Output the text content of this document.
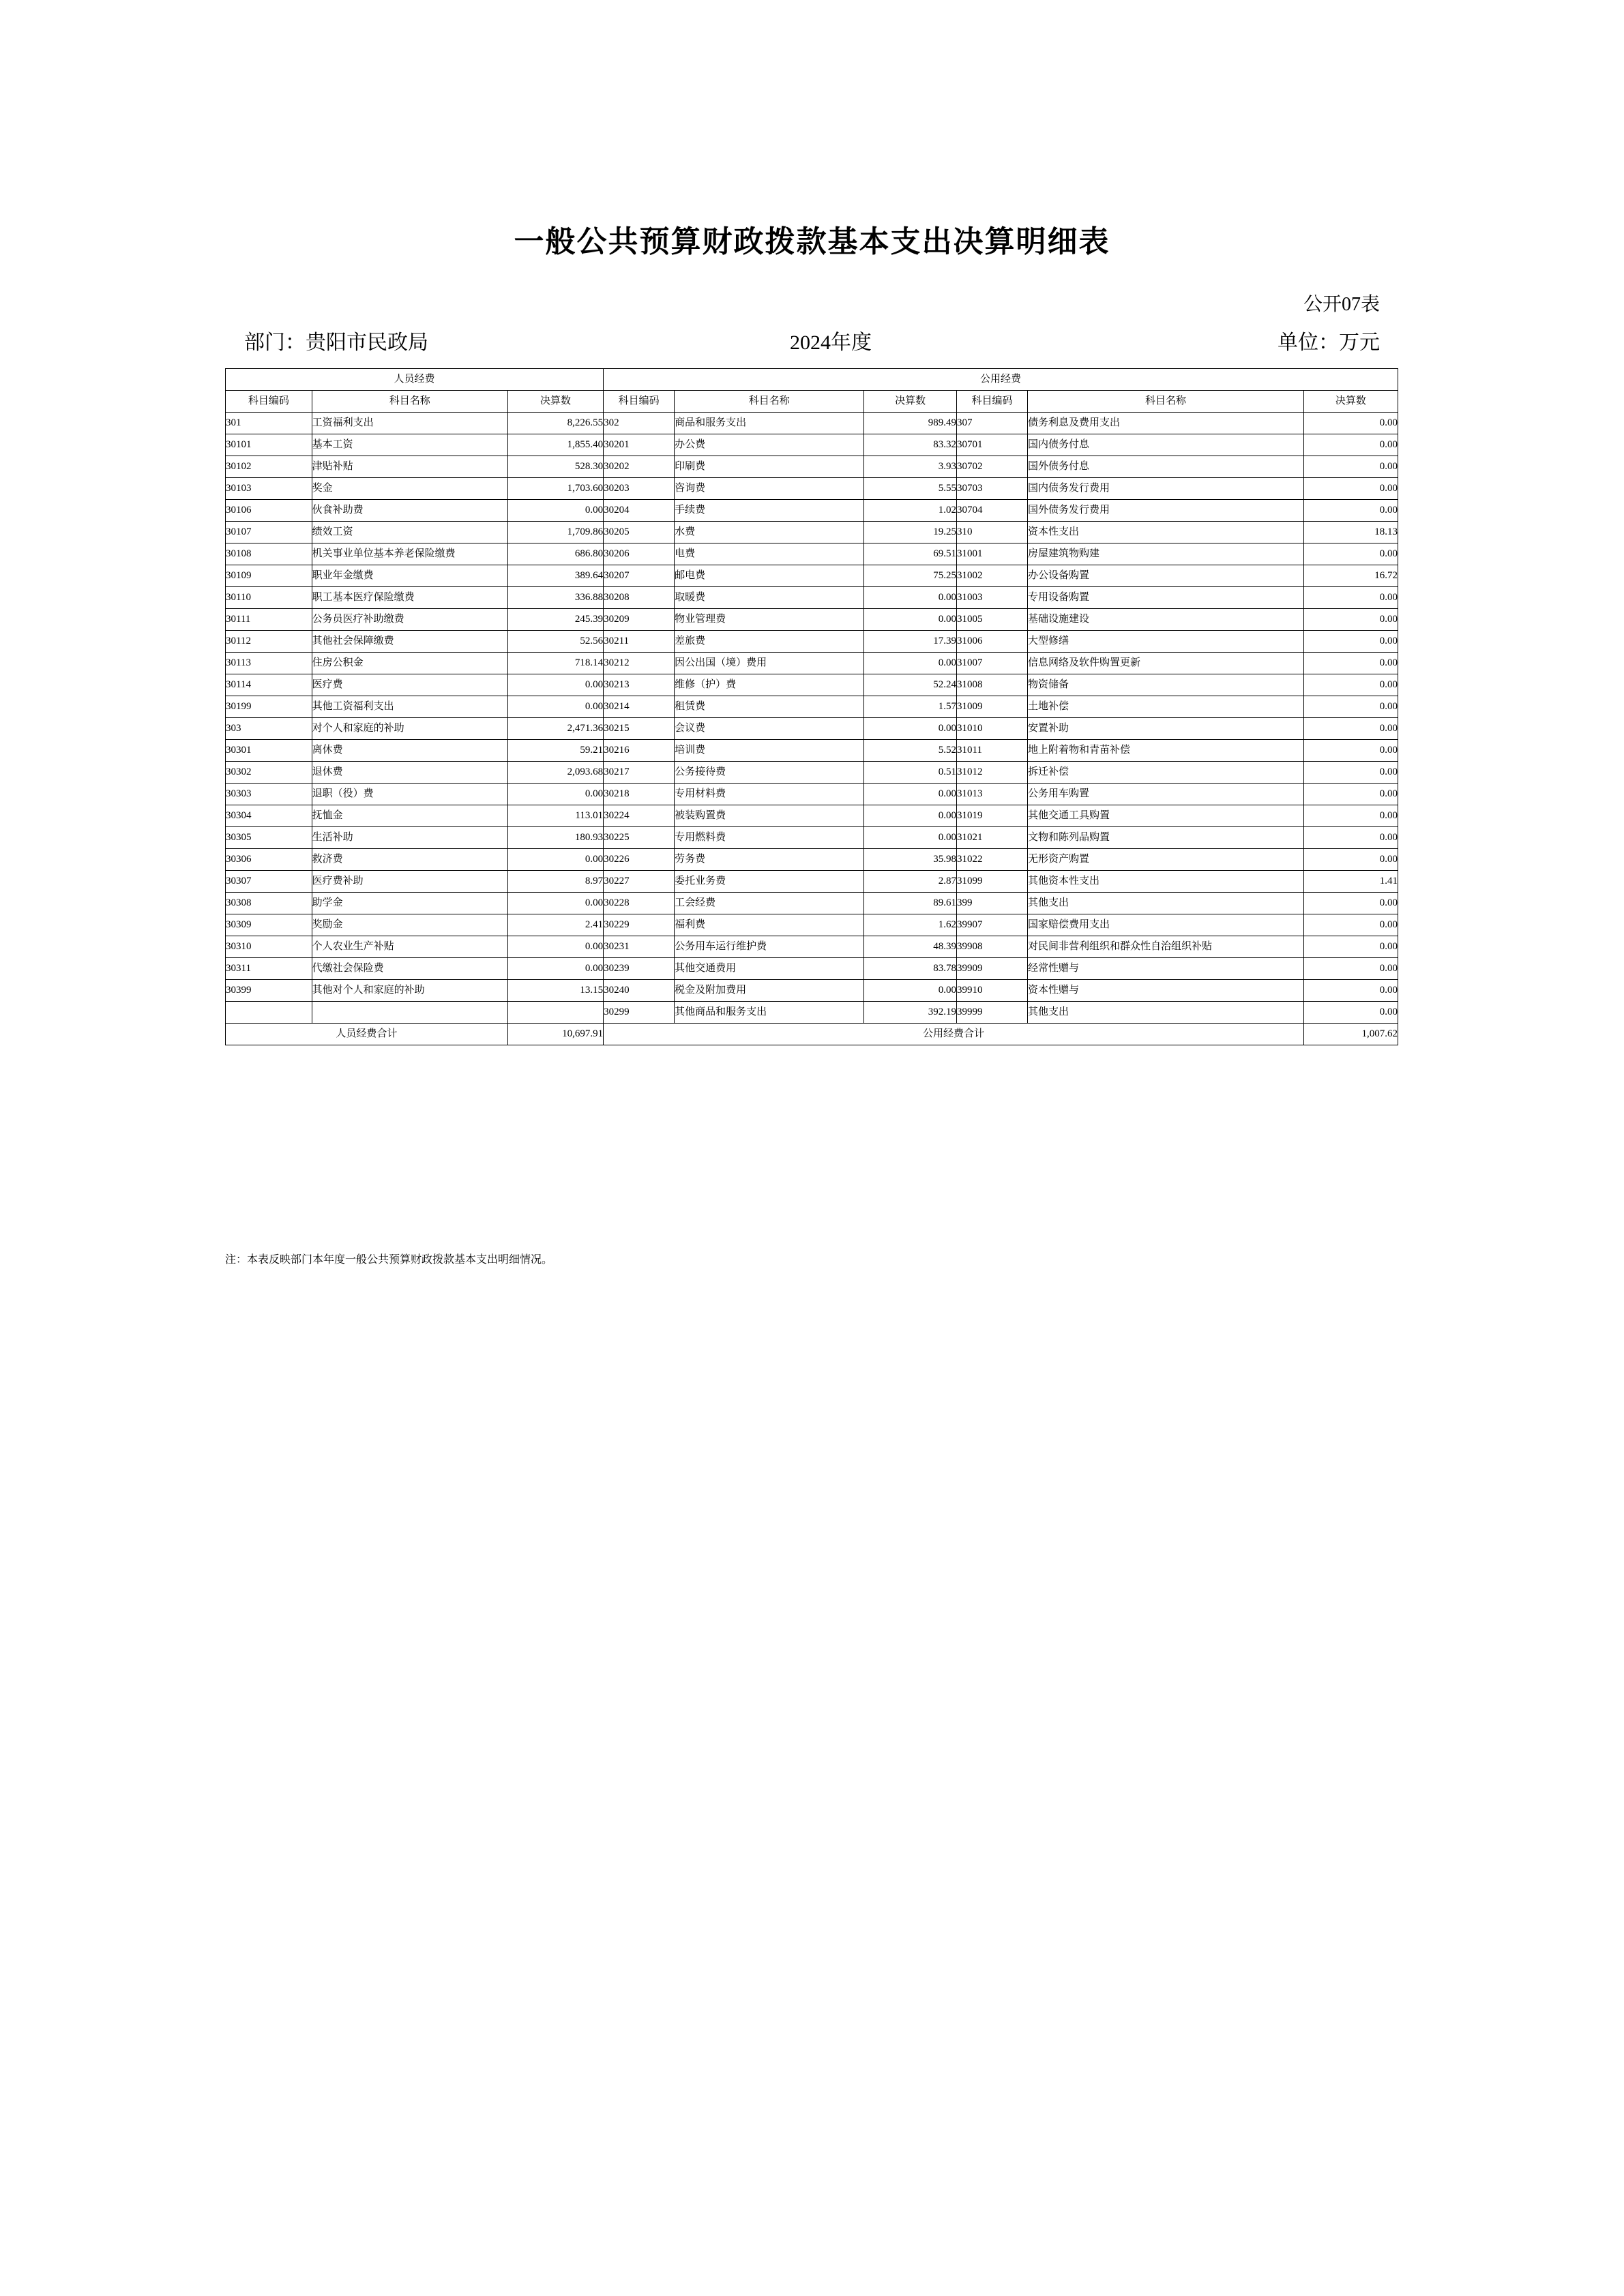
一般公共预算财政拨款基本支出决算明细表
公开07表
部门：贵阳市民政局	2024年度	单位：万元
人员经费			公用经费					
科目编码	科目名称	决算数	科目编码	科目名称	决算数	科目编码	科目名称	决算数
301	工资福利支出	8,226.55	302	商品和服务支出	989.49	307	债务利息及费用支出	0.00
30101	基本工资	1,855.40	30201	办公费	83.32	30701	国内债务付息	0.00
30102	津贴补贴	528.30	30202	印刷费	3.93	30702	国外债务付息	0.00
30103	奖金	1,703.60	30203	咨询费	5.55	30703	国内债务发行费用	0.00
30106	伙食补助费	0.00	30204	手续费	1.02	30704	国外债务发行费用	0.00
30107	绩效工资	1,709.86	30205	水费	19.25	310	资本性支出	18.13
30108	机关事业单位基本养老保险缴费	686.80	30206	电费	69.51	31001	房屋建筑物购建	0.00
30109	职业年金缴费	389.64	30207	邮电费	75.25	31002	办公设备购置	16.72
30110	职工基本医疗保险缴费	336.88	30208	取暖费	0.00	31003	专用设备购置	0.00
30111	公务员医疗补助缴费	245.39	30209	物业管理费	0.00	31005	基础设施建设	0.00
30112	其他社会保障缴费	52.56	30211	差旅费	17.39	31006	大型修缮	0.00
30113	住房公积金	718.14	30212	因公出国（境）费用	0.00	31007	信息网络及软件购置更新	0.00
30114	医疗费	0.00	30213	维修（护）费	52.24	31008	物资储备	0.00
30199	其他工资福利支出	0.00	30214	租赁费	1.57	31009	土地补偿	0.00
303	对个人和家庭的补助	2,471.36	30215	会议费	0.00	31010	安置补助	0.00
30301	离休费	59.21	30216	培训费	5.52	31011	地上附着物和青苗补偿	0.00
30302	退休费	2,093.68	30217	公务接待费	0.51	31012	拆迁补偿	0.00
30303	退职（役）费	0.00	30218	专用材料费	0.00	31013	公务用车购置	0.00
30304	抚恤金	113.01	30224	被装购置费	0.00	31019	其他交通工具购置	0.00
30305	生活补助	180.93	30225	专用燃料费	0.00	31021	文物和陈列品购置	0.00
30306	救济费	0.00	30226	劳务费	35.98	31022	无形资产购置	0.00
30307	医疗费补助	8.97	30227	委托业务费	2.87	31099	其他资本性支出	1.41
30308	助学金	0.00	30228	工会经费	89.61	399	其他支出	0.00
30309	奖励金	2.41	30229	福利费	1.62	39907	国家赔偿费用支出	0.00
30310	个人农业生产补贴	0.00	30231	公务用车运行维护费	48.39	39908	对民间非营利组织和群众性自治组织补贴	0.00
30311	代缴社会保险费	0.00	30239	其他交通费用	83.78	39909	经常性赠与	0.00
30399	其他对个人和家庭的补助	13.15	30240	税金及附加费用	0.00	39910	资本性赠与	0.00
			30299	其他商品和服务支出	392.19	39999	其他支出	0.00
人员经费合计		10,697.91	公用经费合计					1,007.62
注：本表反映部门本年度一般公共预算财政拨款基本支出明细情况。
